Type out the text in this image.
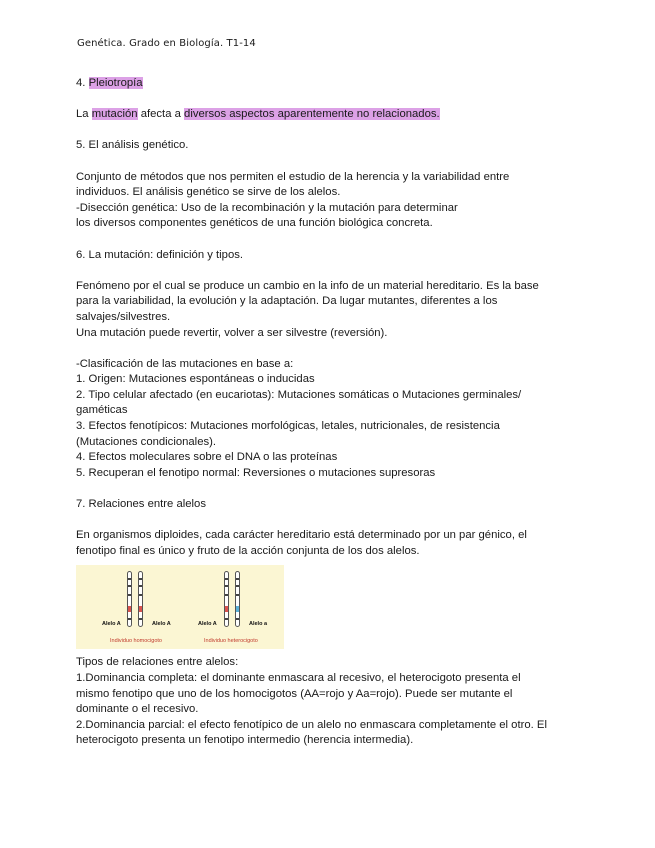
Genética. Grado en Biología. T1-14

4. Pleiotropía

La mutación afecta a diversos aspectos aparentemente no relacionados.

5. El análisis genético.

Conjunto de métodos que nos permiten el estudio de la herencia y la variabilidad entre

individuos. El análisis genético se sirve de los alelos.

-Disección genética: Uso de la recombinación y la mutación para determinar

los diversos componentes genéticos de una función biológica concreta.

6. La mutación: definición y tipos.

Fenómeno por el cual se produce un cambio en la info de un material hereditario. Es la base

para la variabilidad, la evolución y la adaptación. Da lugar mutantes, diferentes a los

salvajes/silvestres.

Una mutación puede revertir, volver a ser silvestre (reversión).

-Clasificación de las mutaciones en base a:

1. Origen: Mutaciones espontáneas o inducidas

2. Tipo celular afectado (en eucariotas): Mutaciones somáticas o Mutaciones germinales/

gaméticas

3. Efectos fenotípicos: Mutaciones morfológicas, letales, nutricionales, de resistencia

(Mutaciones condicionales).

4. Efectos moleculares sobre el DNA o las proteínas

5. Recuperan el fenotipo normal: Reversiones o mutaciones supresoras

7. Relaciones entre alelos

En organismos diploides, cada carácter hereditario está determinado por un par génico, el

fenotipo final es único y fruto de la acción conjunta de los dos alelos.

Alelo A	Alelo A	Alelo A	Alelo a
Individuo homocigoto	Individuo heterocigoto

Tipos de relaciones entre alelos:

1.Dominancia completa: el dominante enmascara al recesivo, el heterocigoto presenta el

mismo fenotipo que uno de los homocigotos (AA=rojo y Aa=rojo). Puede ser mutante el

dominante o el recesivo.

2.Dominancia parcial: el efecto fenotípico de un alelo no enmascara completamente el otro. El

heterocigoto presenta un fenotipo intermedio (herencia intermedia).
